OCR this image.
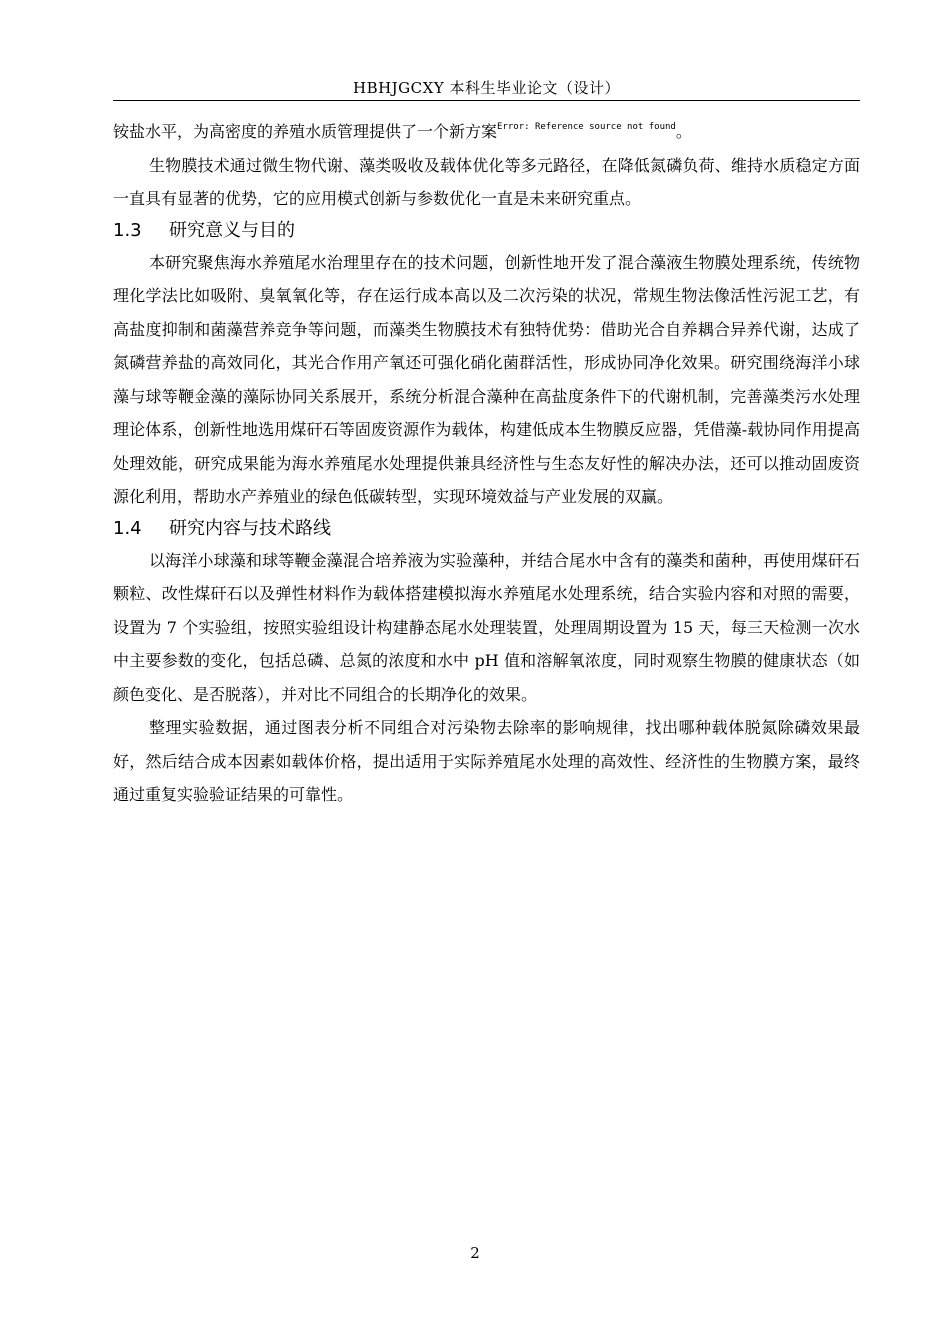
HBHJGCXY 本科生毕业论文（设计）

铵盐水平，为高密度的养殖水质管理提供了一个新方案$^{Error: Reference source not found}$。

生物膜技术通过微生物代谢、藻类吸收及载体优化等多元路径，在降低氮磷负荷、维持水质稳定方面一直具有显著的优势，它的应用模式创新与参数优化一直是未来研究重点。

1.3 研究意义与目的

本研究聚焦海水养殖尾水治理里存在的技术问题，创新性地开发了混合藻液生物膜处理系统，传统物理化学法比如吸附、臭氧氧化等，存在运行成本高以及二次污染的状况，常规生物法像活性污泥工艺，有高盐度抑制和菌藻营养竞争等问题，而藻类生物膜技术有独特优势：借助光合自养耦合异养代谢，达成了氮磷营养盐的高效同化，其光合作用产氧还可强化硝化菌群活性，形成协同净化效果。研究围绕海洋小球藻与球等鞭金藻的藻际协同关系展开，系统分析混合藻种在高盐度条件下的代谢机制，完善藻类污水处理理论体系，创新性地选用煤矸石等固废资源作为载体，构建低成本生物膜反应器，凭借藻-载协同作用提高处理效能，研究成果能为海水养殖尾水处理提供兼具经济性与生态友好性的解决办法，还可以推动固废资源化利用，帮助水产养殖业的绿色低碳转型，实现环境效益与产业发展的双赢。

1.4 研究内容与技术路线

以海洋小球藻和球等鞭金藻混合培养液为实验藻种，并结合尾水中含有的藻类和菌种，再使用煤矸石颗粒、改性煤矸石以及弹性材料作为载体搭建模拟海水养殖尾水处理系统，结合实验内容和对照的需要，设置为 7 个实验组，按照实验组设计构建静态尾水处理装置，处理周期设置为 15 天，每三天检测一次水中主要参数的变化，包括总磷、总氮的浓度和水中 pH 值和溶解氧浓度，同时观察生物膜的健康状态（如颜色变化、是否脱落），并对比不同组合的长期净化的效果。

整理实验数据，通过图表分析不同组合对污染物去除率的影响规律，找出哪种载体脱氮除磷效果最好，然后结合成本因素如载体价格，提出适用于实际养殖尾水处理的高效性、经济性的生物膜方案，最终通过重复实验验证结果的可靠性。

2
